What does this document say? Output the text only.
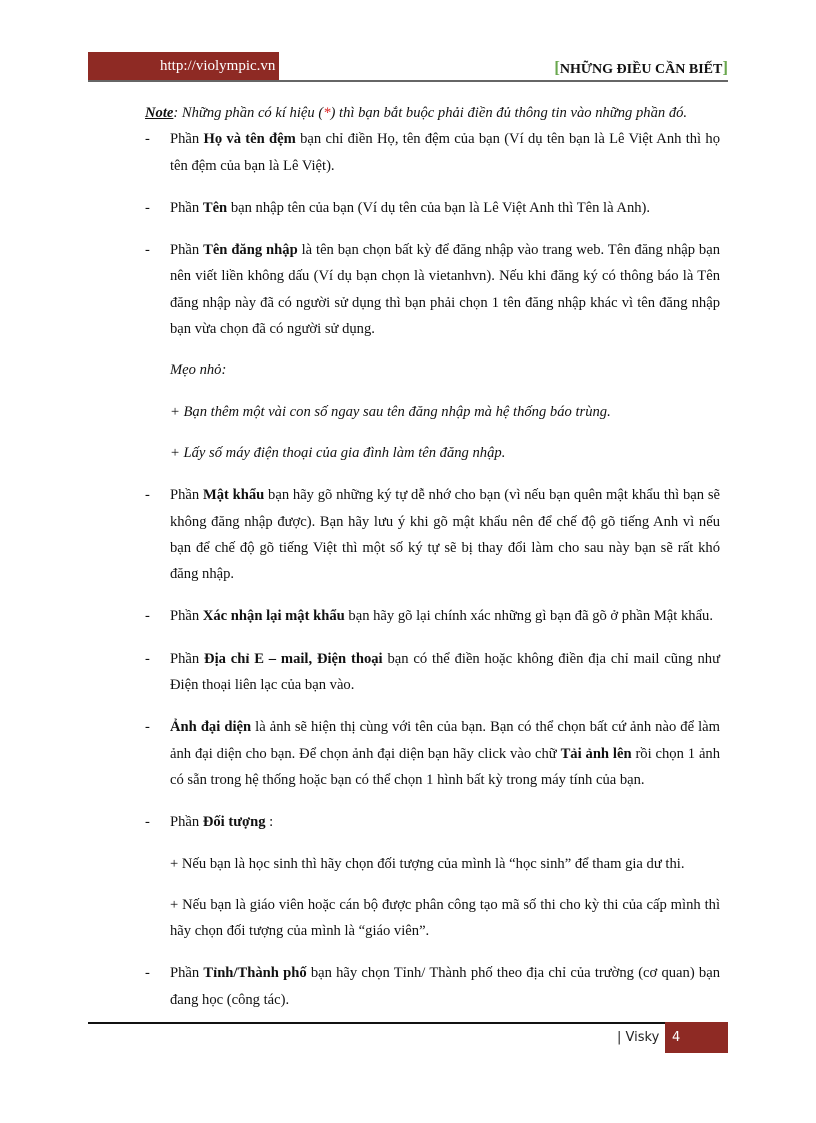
http://violympic.vn	[NHỮNG ĐIỀU CẦN BIẾT]
Note: Những phần có kí hiệu (*) thì bạn bắt buộc phải điền đủ thông tin vào những phần đó.
- Phần Họ và tên đệm bạn chỉ điền Họ, tên đệm của bạn (Ví dụ tên bạn là Lê Việt Anh thì họ tên đệm của bạn là Lê Việt).
- Phần Tên bạn nhập tên của bạn (Ví dụ tên của bạn là Lê Việt Anh thì Tên là Anh).
- Phần Tên đăng nhập là tên bạn chọn bất kỳ để đăng nhập vào trang web. Tên đăng nhập bạn nên viết liền không dấu (Ví dụ bạn chọn là vietanhvn). Nếu khi đăng ký có thông báo là Tên đăng nhập này đã có người sử dụng thì bạn phải chọn 1 tên đăng nhập khác vì tên đăng nhập bạn vừa chọn đã có người sử dụng.
Mẹo nhỏ:
+ Bạn thêm một vài con số ngay sau tên đăng nhập mà hệ thống báo trùng.
+ Lấy số máy điện thoại của gia đình làm tên đăng nhập.
- Phần Mật khẩu bạn hãy gõ những ký tự dễ nhớ cho bạn (vì nếu bạn quên mật khẩu thì bạn sẽ không đăng nhập được). Bạn hãy lưu ý khi gõ mật khẩu nên để chế độ gõ tiếng Anh vì nếu bạn để chế độ gõ tiếng Việt thì một số ký tự sẽ bị thay đổi làm cho sau này bạn sẽ rất khó đăng nhập.
- Phần Xác nhận lại mật khẩu bạn hãy gõ lại chính xác những gì bạn đã gõ ở phần Mật khẩu.
- Phần Địa chỉ E – mail, Điện thoại bạn có thể điền hoặc không điền địa chỉ mail cũng như Điện thoại liên lạc của bạn vào.
- Ảnh đại diện là ảnh sẽ hiện thị cùng với tên của bạn. Bạn có thể chọn bất cứ ảnh nào để làm ảnh đại diện cho bạn. Để chọn ảnh đại diện bạn hãy click vào chữ Tải ảnh lên rồi chọn 1 ảnh có sẵn trong hệ thống hoặc bạn có thể chọn 1 hình bất kỳ trong máy tính của bạn.
- Phần Đối tượng :
+ Nếu bạn là học sinh thì hãy chọn đối tượng của mình là “học sinh” để tham gia dư thi.
+ Nếu bạn là giáo viên hoặc cán bộ được phân công tạo mã số thi cho kỳ thi của cấp mình thì hãy chọn đối tượng của mình là “giáo viên”.
- Phần Tỉnh/Thành phố bạn hãy chọn Tỉnh/ Thành phố theo địa chỉ của trường (cơ quan) bạn đang học (công tác).
| Visky 4
